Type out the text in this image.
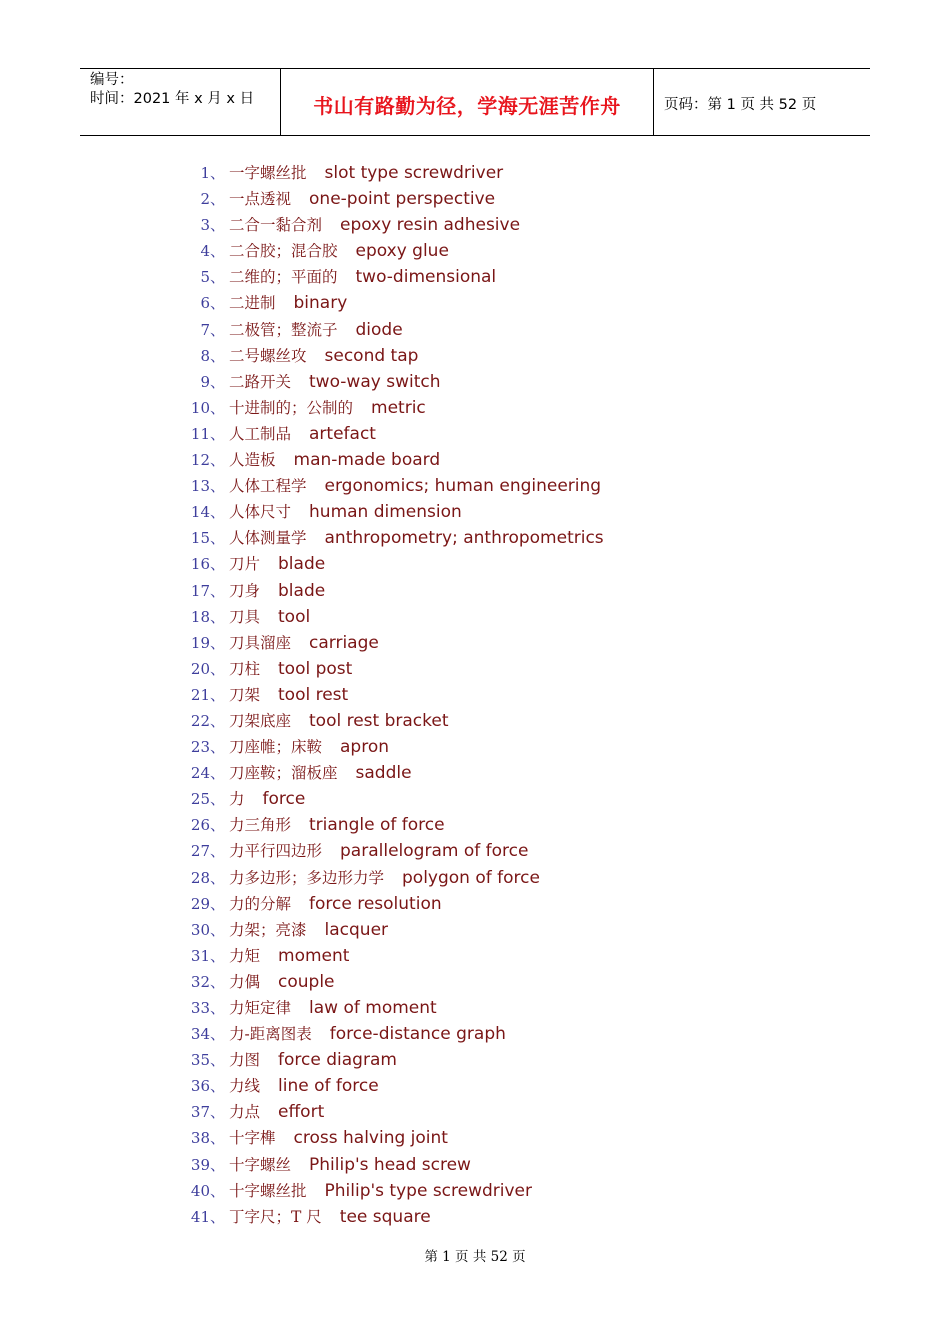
编号：
时间：2021 年 x 月 x 日	书山有路勤为径，学海无涯苦作舟	页码：第 1 页 共 52 页
1 、 一字螺丝批 slot type screwdriver
2 、 一点透视 one-point perspective
3 、 二合一黏合剂 epoxy resin adhesive
4 、 二合胶；混合胶 epoxy glue
5 、 二维的；平面的 two-dimensional
6 、 二进制 binary
7 、 二极管；整流子 diode
8 、 二号螺丝攻 second tap
9 、 二路开关 two-way switch
10 、 十进制的；公制的 metric
11 、 人工制品 artefact
12 、 人造板 man-made board
13 、 人体工程学 ergonomics; human engineering
14 、 人体尺寸 human dimension
15 、 人体测量学 anthropometry; anthropometrics
16 、 刀片 blade
17 、 刀身 blade
18 、 刀具 tool
19 、 刀具溜座 carriage
20 、 刀柱 tool post
21 、 刀架 tool rest
22 、 刀架底座 tool rest bracket
23 、 刀座帷；床鞍 apron
24 、 刀座鞍；溜板座 saddle
25 、 力 force
26 、 力三角形 triangle of force
27 、 力平行四边形 parallelogram of force
28 、 力多边形；多边形力学 polygon of force
29 、 力的分解 force resolution
30 、 力架；亮漆 lacquer
31 、 力矩 moment
32 、 力偶 couple
33 、 力矩定律 law of moment
34 、 力-距离图表 force-distance graph
35 、 力图 force diagram
36 、 力线 line of force
37 、 力点 effort
38 、 十字榫 cross halving joint
39 、 十字螺丝 Philip's head screw
40 、 十字螺丝批 Philip's type screwdriver
41 、 丁字尺；T 尺 tee square
第 1 页 共 52 页
